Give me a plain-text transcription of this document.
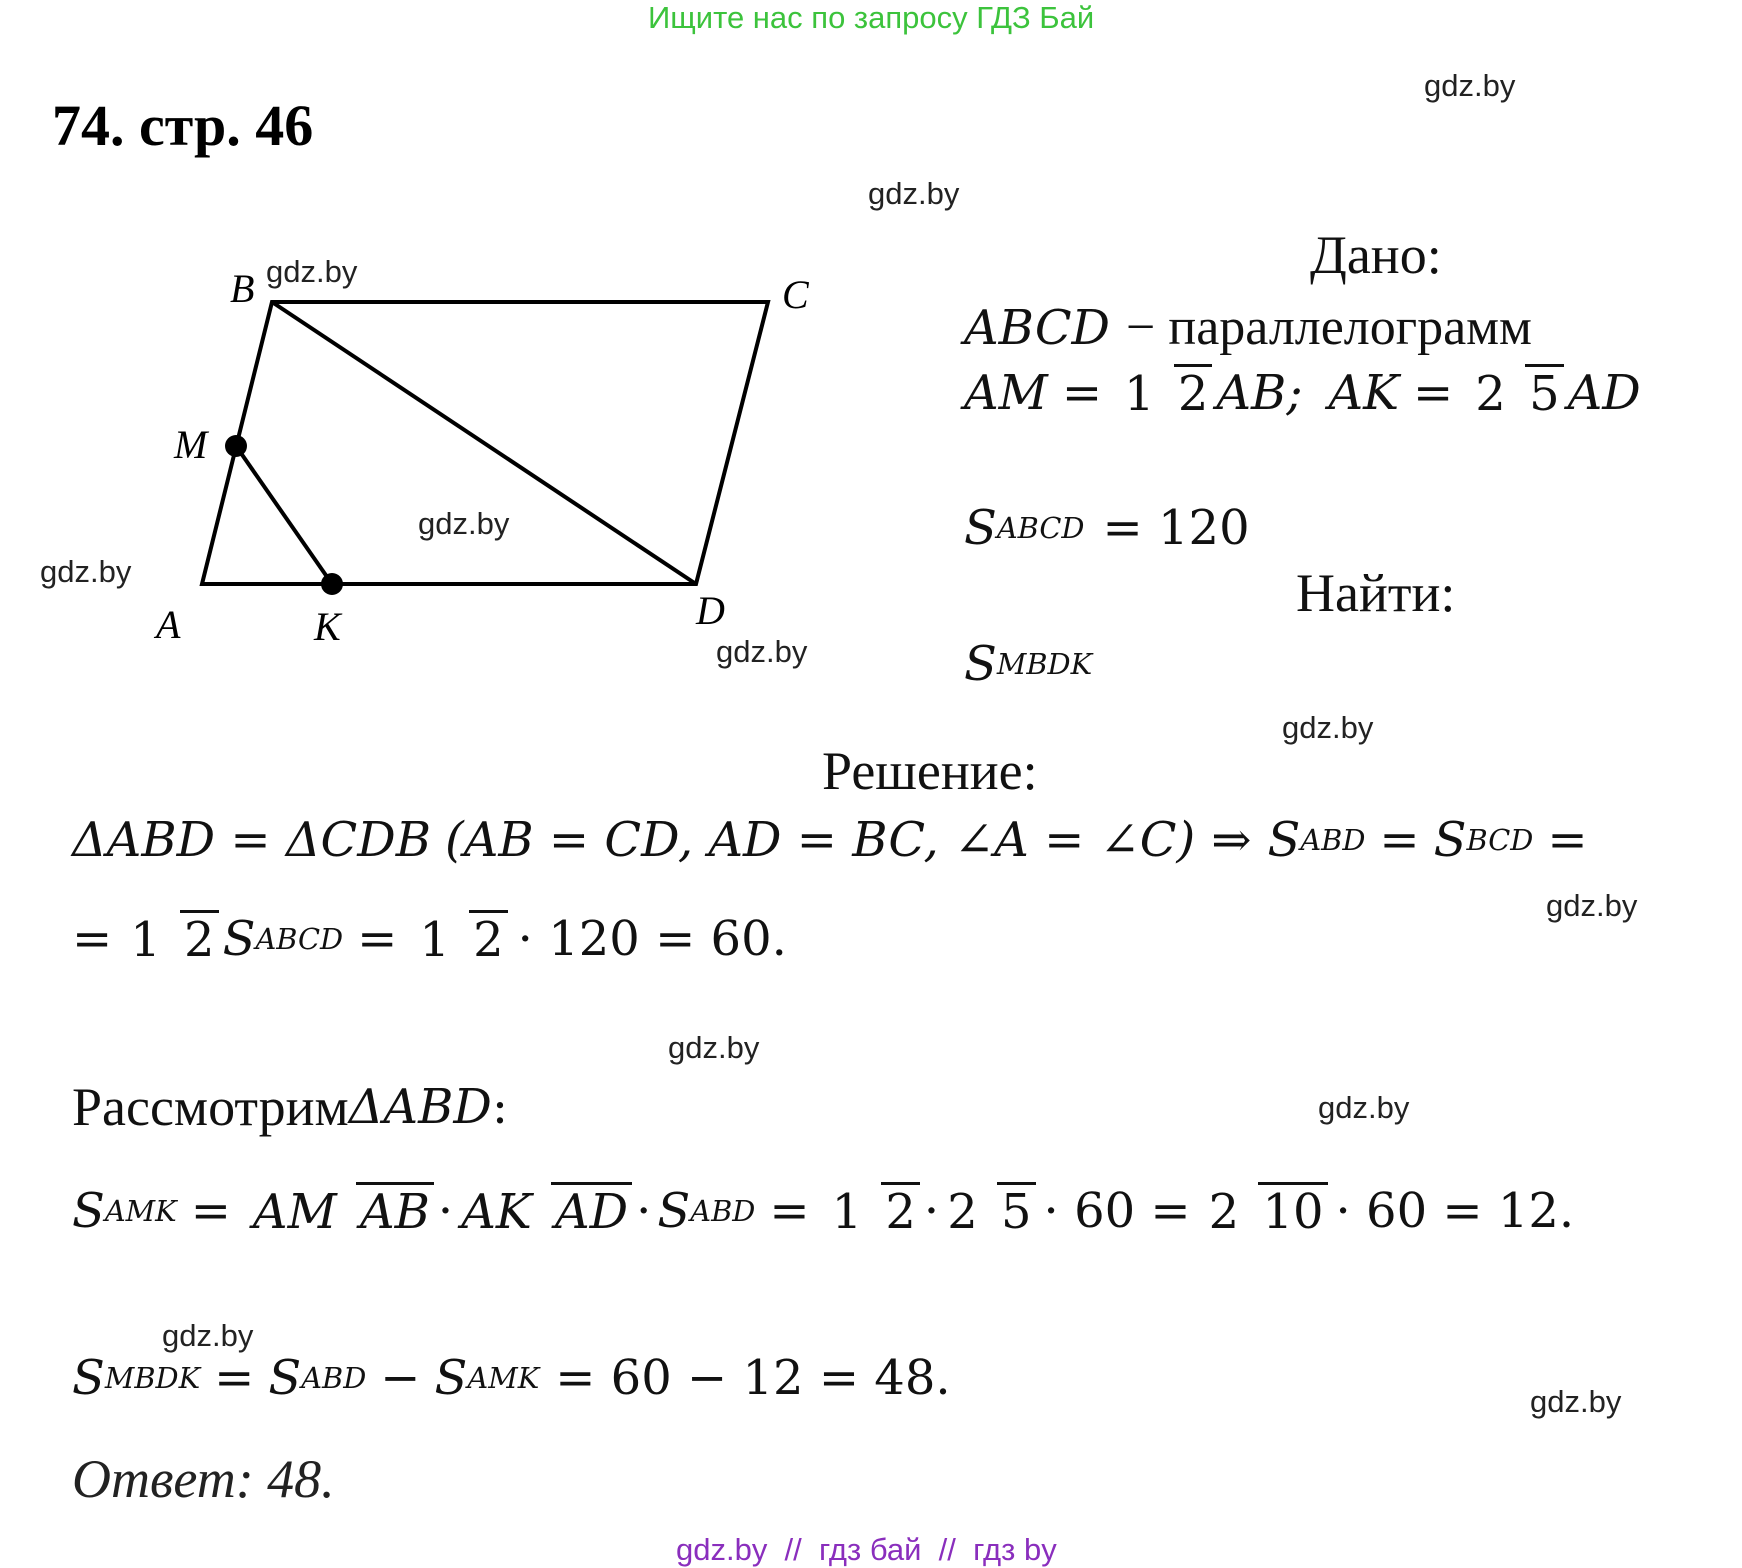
Ищите нас по запросу ГДЗ Бай
74. стр. 46
gdz.by
gdz.by
gdz.by
gdz.by
gdz.by
gdz.by
gdz.by
gdz.by
gdz.by
gdz.by
gdz.by
gdz.by
B	C
M
A	K	D
Дано:
ABCD − параллелограмм
AM = 1 2 AB; AK = 2 5 AD
S ABCD = 120
Найти:
S MBDK
Решение:
ΔABD = ΔCDB (AB = CD, AD = BC, ∠A = ∠C) ⇒ S ABD = S BCD =
= 1 2 S ABCD = 1 2 · 120 = 60.
Рассмотрим ΔABD :
S AMK = AM AB · AK AD · S ABD = 1 2 · 2 5 · 60 = 2 10 · 60 = 12.
S MBDK = S ABD − S AMK = 60 − 12 = 48.
Ответ: 48.
gdz.by  //  гдз бай  //  гдз by
